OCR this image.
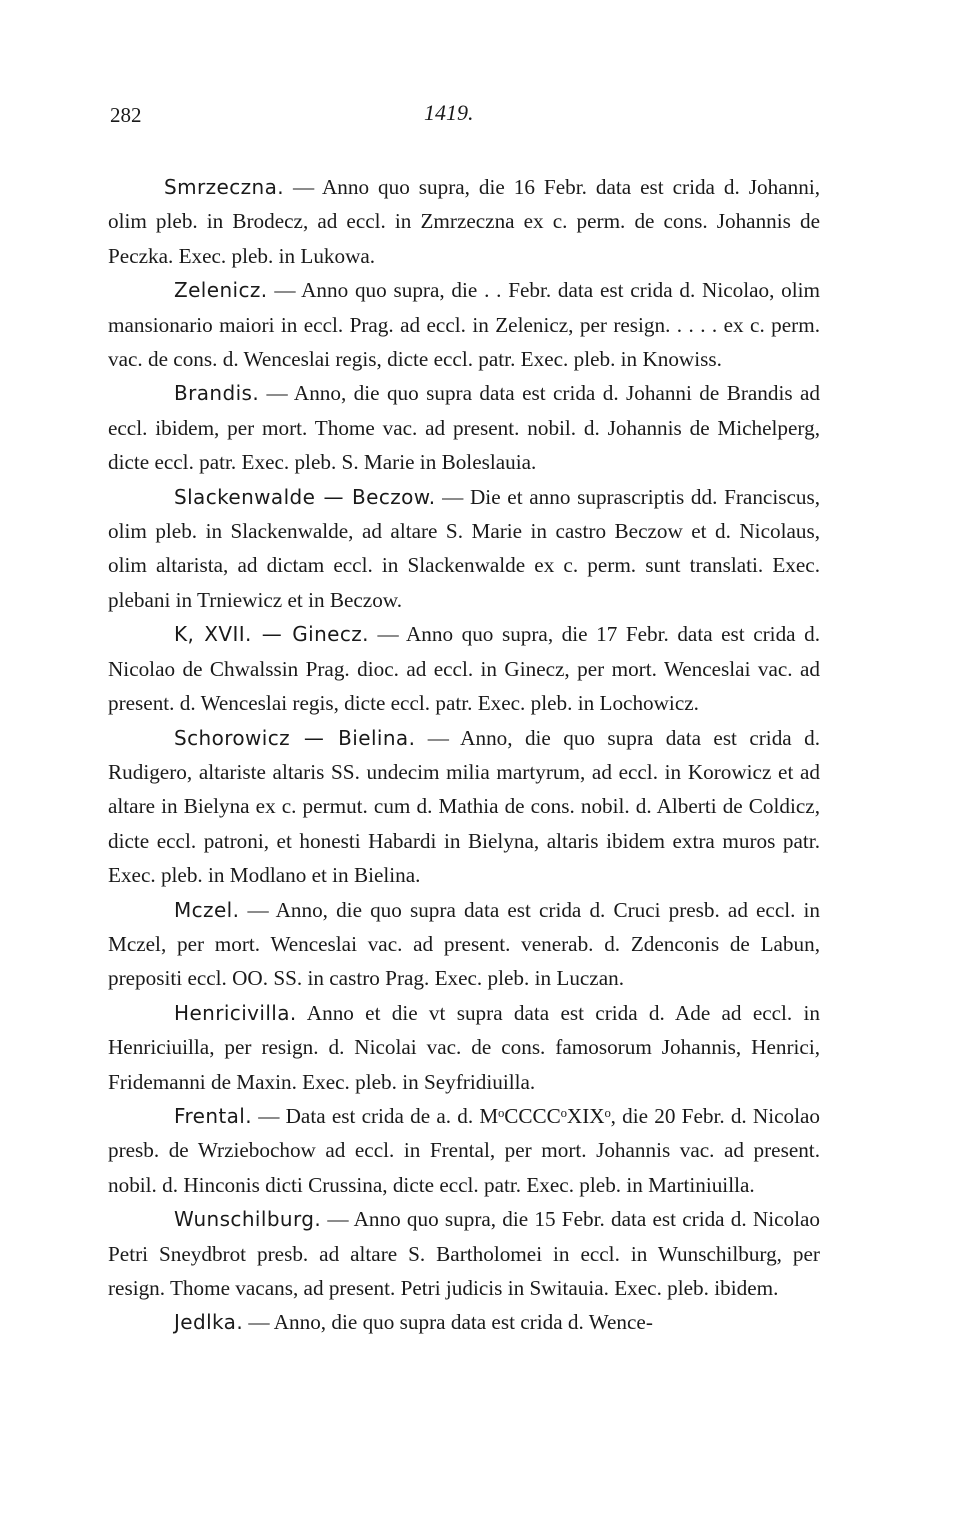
282	1419.

Smrzeczna. — Anno quo supra, die 16 Febr. data est crida d. Johanni, olim pleb. in Brodecz, ad eccl. in Zmrzeczna ex c. perm. de cons. Johannis de Peczka. Exec. pleb. in Lukowa.

Zelenicz. — Anno quo supra, die . . Febr. data est crida d. Nicolao, olim mansionario maiori in eccl. Prag. ad eccl. in Zelenicz, per resign. . . . . ex c. perm. vac. de cons. d. Wenceslai regis, dicte eccl. patr. Exec. pleb. in Knowiss.

Brandis. — Anno, die quo supra data est crida d. Johanni de Brandis ad eccl. ibidem, per mort. Thome vac. ad present. nobil. d. Johannis de Michelperg, dicte eccl. patr. Exec. pleb. S. Marie in Boleslauia.

Slackenwalde — Beczow. — Die et anno suprascriptis dd. Franciscus, olim pleb. in Slackenwalde, ad altare S. Marie in castro Beczow et d. Nicolaus, olim altarista, ad dictam eccl. in Slackenwalde ex c. perm. sunt translati. Exec. plebani in Trniewicz et in Beczow.

K, XVII. — Ginecz. — Anno quo supra, die 17 Febr. data est crida d. Nicolao de Chwalssin Prag. dioc. ad eccl. in Ginecz, per mort. Wenceslai vac. ad present. d. Wenceslai regis, dicte eccl. patr. Exec. pleb. in Lochowicz.

Schorowicz — Bielina. — Anno, die quo supra data est crida d. Rudigero, altariste altaris SS. undecim milia martyrum, ad eccl. in Korowicz et ad altare in Bielyna ex c. permut. cum d. Mathia de cons. nobil. d. Alberti de Coldicz, dicte eccl. patroni, et honesti Habardi in Bielyna, altaris ibidem extra muros patr. Exec. pleb. in Modlano et in Bielina.

Mczel. — Anno, die quo supra data est crida d. Cruci presb. ad eccl. in Mczel, per mort. Wenceslai vac. ad present. venerab. d. Zdenconis de Labun, prepositi eccl. OO. SS. in castro Prag. Exec. pleb. in Luczan.

Henricivilla. Anno et die vt supra data est crida d. Ade ad eccl. in Henriciuilla, per resign. d. Nicolai vac. de cons. famosorum Johannis, Henrici, Fridemanni de Maxin. Exec. pleb. in Seyfridiuilla.

Frental. — Data est crida de a. d. MᵒCCCCᵒXIXᵒ, die 20 Febr. d. Nicolao presb. de Wrziebochow ad eccl. in Frental, per mort. Johannis vac. ad present. nobil. d. Hinconis dicti Crussina, dicte eccl. patr. Exec. pleb. in Martiniuilla.

Wunschilburg. — Anno quo supra, die 15 Febr. data est crida d. Nicolao Petri Sneydbrot presb. ad altare S. Bartholomei in eccl. in Wunschilburg, per resign. Thome vacans, ad present. Petri judicis in Switauia. Exec. pleb. ibidem.

Jedlka. — Anno, die quo supra data est crida d. Wence-
